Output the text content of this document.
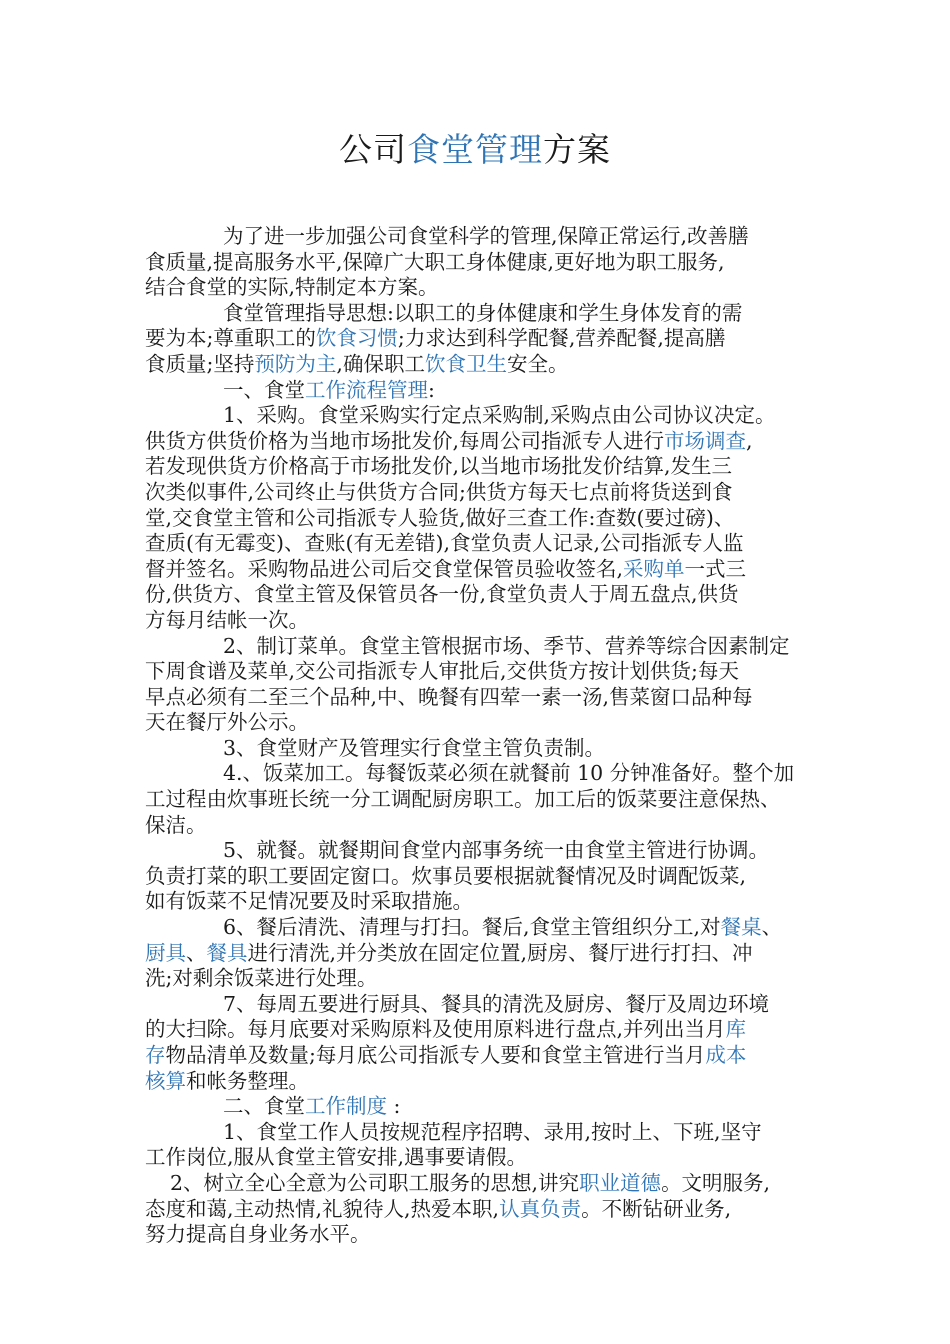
公司食堂管理方案
为了进一步加强公司食堂科学的管理,保障正常运行,改善膳
食质量,提高服务水平,保障广大职工身体健康,更好地为职工服务,
结合食堂的实际,特制定本方案。
食堂管理指导思想:以职工的身体健康和学生身体发育的需
要为本;尊重职工的饮食习惯;力求达到科学配餐,营养配餐,提高膳
食质量;坚持预防为主,确保职工饮食卫生安全。
一、食堂工作流程管理:
1、采购。食堂采购实行定点采购制,采购点由公司协议决定。
供货方供货价格为当地市场批发价,每周公司指派专人进行市场调查,
若发现供货方价格高于市场批发价,以当地市场批发价结算,发生三
次类似事件,公司终止与供货方合同;供货方每天七点前将货送到食
堂,交食堂主管和公司指派专人验货,做好三查工作:查数(要过磅)、
查质(有无霉变)、查账(有无差错),食堂负责人记录,公司指派专人监
督并签名。采购物品进公司后交食堂保管员验收签名,采购单一式三
份,供货方、食堂主管及保管员各一份,食堂负责人于周五盘点,供货
方每月结帐一次。
2、制订菜单。食堂主管根据市场、季节、营养等综合因素制定
下周食谱及菜单,交公司指派专人审批后,交供货方按计划供货;每天
早点必须有二至三个品种,中、晚餐有四荤一素一汤,售菜窗口品种每
天在餐厅外公示。
3、食堂财产及管理实行食堂主管负责制。
4.、饭菜加工。每餐饭菜必须在就餐前 10 分钟准备好。整个加
工过程由炊事班长统一分工调配厨房职工。加工后的饭菜要注意保热、
保洁。
5、就餐。就餐期间食堂内部事务统一由食堂主管进行协调。
负责打菜的职工要固定窗口。炊事员要根据就餐情况及时调配饭菜,
如有饭菜不足情况要及时采取措施。
6、餐后清洗、清理与打扫。餐后,食堂主管组织分工,对餐桌、
厨具、餐具进行清洗,并分类放在固定位置,厨房、餐厅进行打扫、冲
洗;对剩余饭菜进行处理。
7、每周五要进行厨具、餐具的清洗及厨房、餐厅及周边环境
的大扫除。每月底要对采购原料及使用原料进行盘点,并列出当月库
存物品清单及数量;每月底公司指派专人要和食堂主管进行当月成本
核算和帐务整理。
二、食堂工作制度 :
1、食堂工作人员按规范程序招聘、录用,按时上、下班,坚守
工作岗位,服从食堂主管安排,遇事要请假。
2、树立全心全意为公司职工服务的思想,讲究职业道德。文明服务,
态度和蔼,主动热情,礼貌待人,热爱本职,认真负责。不断钻研业务,
努力提高自身业务水平。
